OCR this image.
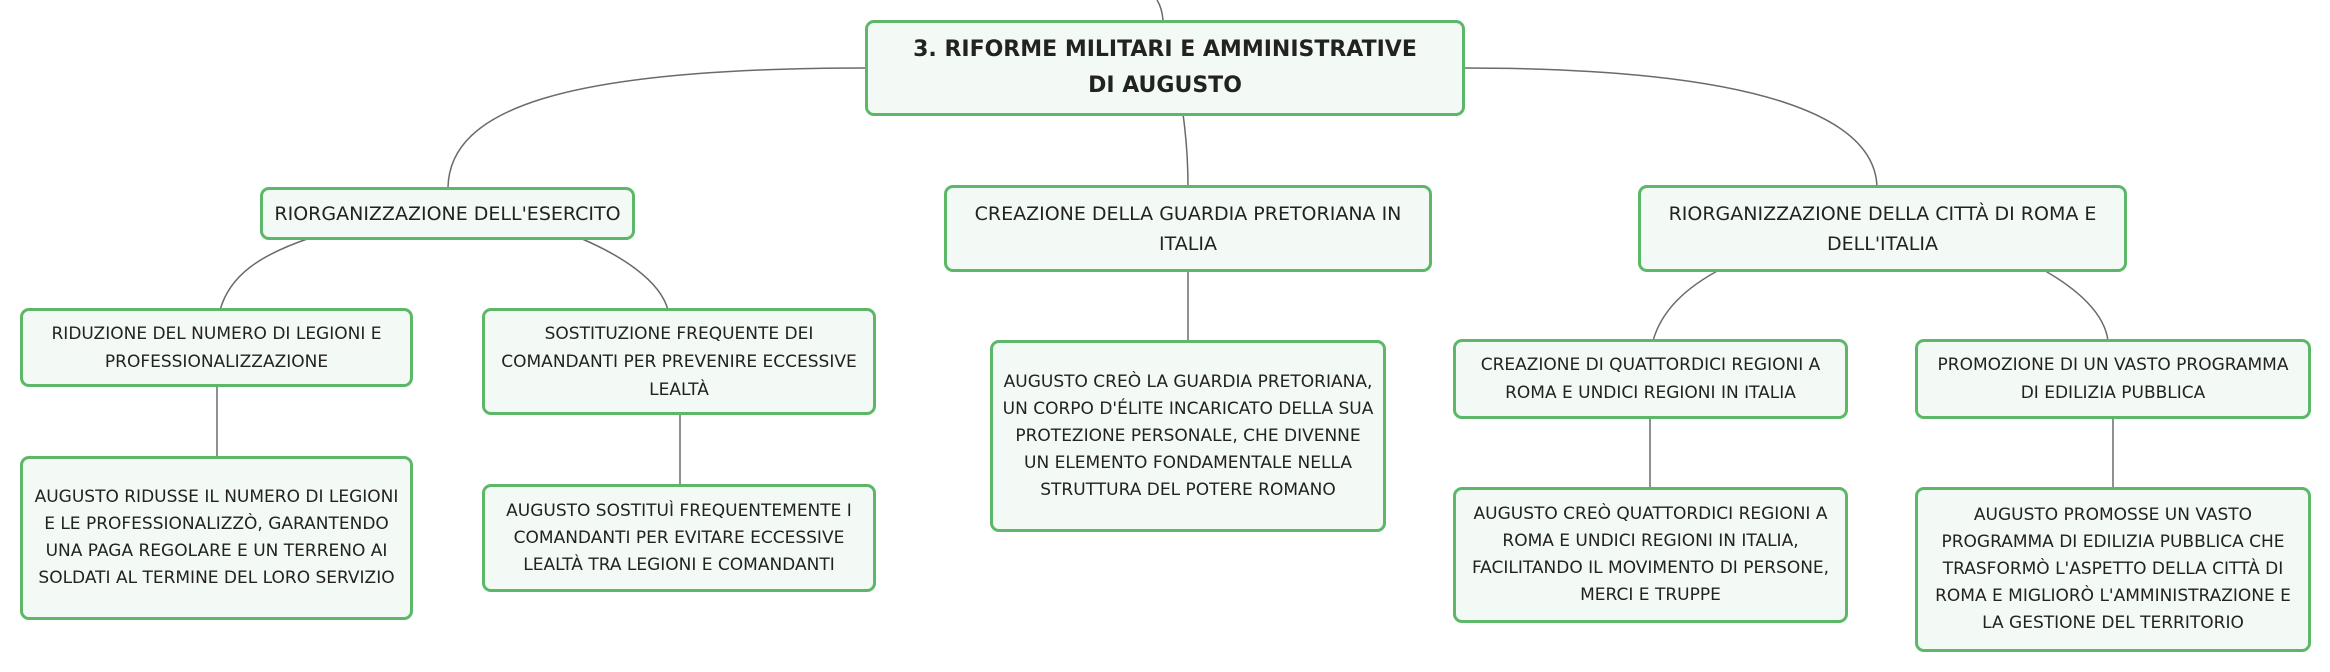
3. RIFORME MILITARI E AMMINISTRATIVE DI AUGUSTO
RIORGANIZZAZIONE DELL'ESERCITO
RIDUZIONE DEL NUMERO DI LEGIONI E PROFESSIONALIZZAZIONE
AUGUSTO RIDUSSE IL NUMERO DI LEGIONI E LE PROFESSIONALIZZÒ, GARANTENDO UNA PAGA REGOLARE E UN TERRENO AI SOLDATI AL TERMINE DEL LORO SERVIZIO
SOSTITUZIONE FREQUENTE DEI COMANDANTI PER PREVENIRE ECCESSIVE LEALTÀ
AUGUSTO SOSTITUÌ FREQUENTEMENTE I COMANDANTI PER EVITARE ECCESSIVE LEALTÀ TRA LEGIONI E COMANDANTI
CREAZIONE DELLA GUARDIA PRETORIANA IN ITALIA
AUGUSTO CREÒ LA GUARDIA PRETORIANA, UN CORPO D'ÉLITE INCARICATO DELLA SUA PROTEZIONE PERSONALE, CHE DIVENNE UN ELEMENTO FONDAMENTALE NELLA STRUTTURA DEL POTERE ROMANO
RIORGANIZZAZIONE DELLA CITTÀ DI ROMA E DELL'ITALIA
CREAZIONE DI QUATTORDICI REGIONI A ROMA E UNDICI REGIONI IN ITALIA
AUGUSTO CREÒ QUATTORDICI REGIONI A ROMA E UNDICI REGIONI IN ITALIA, FACILITANDO IL MOVIMENTO DI PERSONE, MERCI E TRUPPE
PROMOZIONE DI UN VASTO PROGRAMMA DI EDILIZIA PUBBLICA
AUGUSTO PROMOSSE UN VASTO PROGRAMMA DI EDILIZIA PUBBLICA CHE TRASFORMÒ L'ASPETTO DELLA CITTÀ DI ROMA E MIGLIORÒ L'AMMINISTRAZIONE E LA GESTIONE DEL TERRITORIO
